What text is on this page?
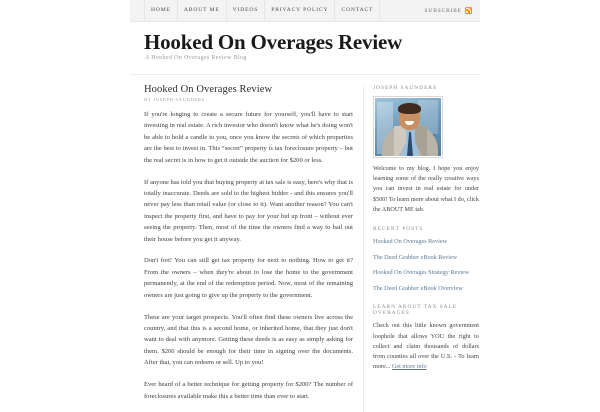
HOME	ABOUT ME	VIDEOS	PRIVACY POLICY	CONTACT	SUBSCRIBE
Hooked On Overages Review
A Hooked On Overages Review Blog
Hooked On Overages Review
BY JOSEPH SAUNDERS

If you're longing to create a secure future for yourself, you'll have to start investing in real estate. A rich investor who doesn't know what he's doing won't be able to hold a candle to you, once you know the secrets of which properties are the best to invest in. This “secret” property is tax foreclosure property – but the real secret is in how to get it outside the auction for $200 or less.

If anyone has told you that buying property at tax sale is easy, here's why that is totally inaccurate. Deeds are sold to the highest bidder - and this ensures you'll never pay less than retail value (or close to it). Want another reason? You can't inspect the property first, and have to pay for your bid up front – without ever seeing the property. Then, most of the time the owners find a way to bail out their house before you get it anyway.

Don't fret! You can still get tax property for next to nothing. How to get it? From the owners – when they're about to lose the home to the government permanently, at the end of the redemption period. Now, most of the remaining owners are just going to give up the property to the government.

These are your target prospects. You'll often find these owners live across the country, and that this is a second home, or inherited home, that they just don't want to deal with anymore. Getting these deeds is as easy as simply asking for them. $200 should be enough for their time in signing over the documents. After that, you can redeem or sell. Up to you!

Ever heard of a better technique for getting property for $200? The number of foreclosures available make this a better time than ever to start.

JOSEPH SAUNDERS

Welcome to my blog. I hope you enjoy learning some of the really creative ways you can invest in real estate for under $500! To learn more about what I do, click the ABOUT ME tab.

RECENT POSTS
Hooked On Overages Review
The Deed Grabber eBook Review
Hooked On Overages Strategy Review
The Deed Grabber eBook Overview
LEARN ABOUT TAX SALE OVERAGES

Check out this little known government loophole that allows YOU the right to collect and claim thousands of dollars from counties all over the U.S. - To learn more... Get more info
